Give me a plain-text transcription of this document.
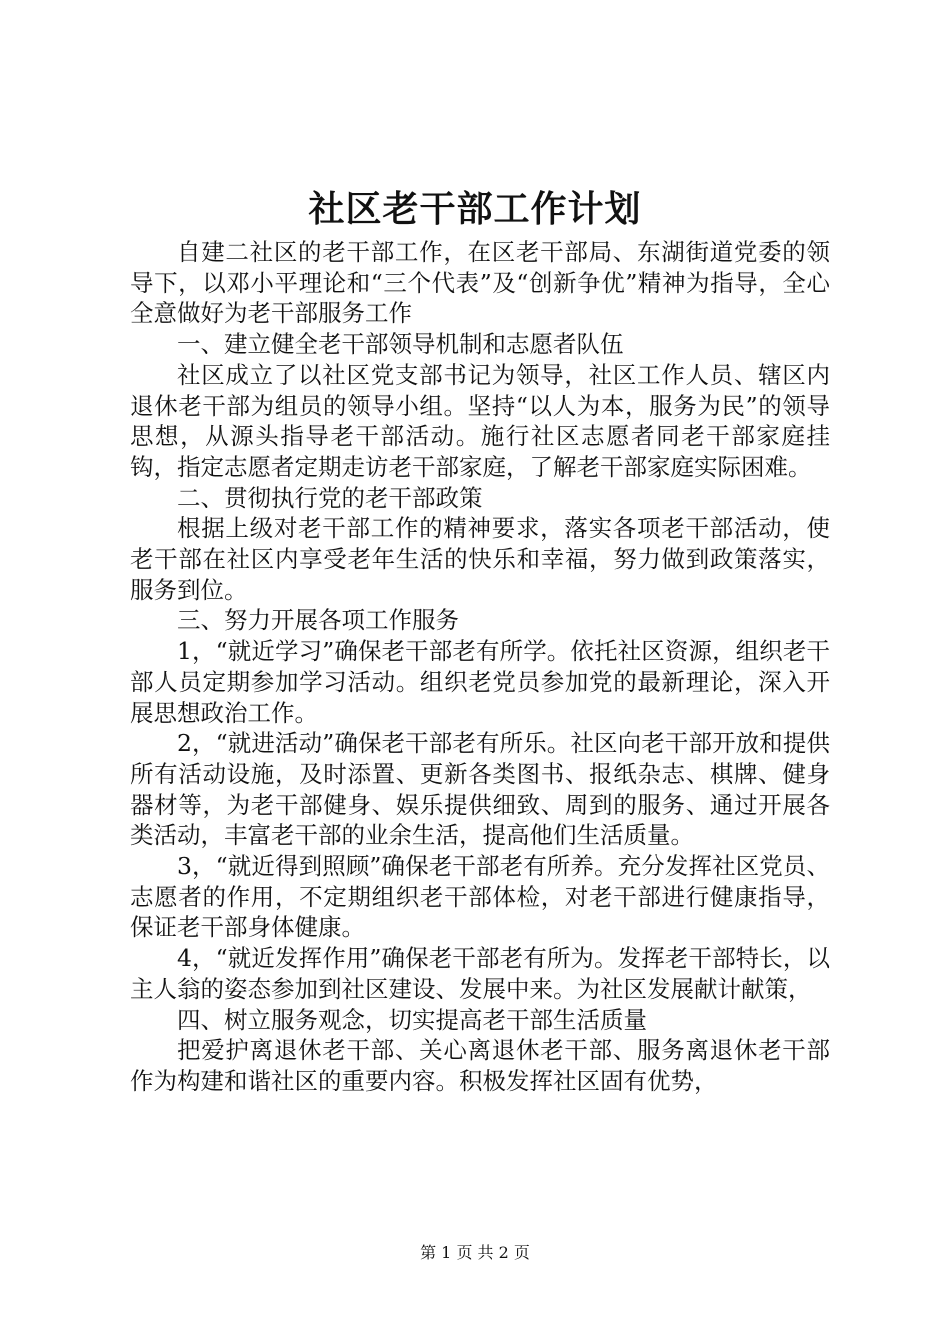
社区老干部工作计划

自建二社区的老干部工作，在区老干部局、东湖街道党委的领导下，以邓小平理论和“三个代表”及“创新争优”精神为指导，全心全意做好为老干部服务工作

一、建立健全老干部领导机制和志愿者队伍

社区成立了以社区党支部书记为领导，社区工作人员、辖区内退休老干部为组员的领导小组。坚持“以人为本，服务为民”的领导思想，从源头指导老干部活动。施行社区志愿者同老干部家庭挂钩，指定志愿者定期走访老干部家庭，了解老干部家庭实际困难。

二、贯彻执行党的老干部政策

根据上级对老干部工作的精神要求，落实各项老干部活动，使老干部在社区内享受老年生活的快乐和幸福，努力做到政策落实，服务到位。

三、努力开展各项工作服务

1，“就近学习”确保老干部老有所学。依托社区资源，组织老干部人员定期参加学习活动。组织老党员参加党的最新理论，深入开展思想政治工作。

2，“就进活动”确保老干部老有所乐。社区向老干部开放和提供所有活动设施，及时添置、更新各类图书、报纸杂志、棋牌、健身器材等，为老干部健身、娱乐提供细致、周到的服务、通过开展各类活动，丰富老干部的业余生活，提高他们生活质量。

3，“就近得到照顾”确保老干部老有所养。充分发挥社区党员、志愿者的作用，不定期组织老干部体检，对老干部进行健康指导，保证老干部身体健康。

4，“就近发挥作用”确保老干部老有所为。发挥老干部特长，以主人翁的姿态参加到社区建设、发展中来。为社区发展献计献策，

四、树立服务观念，切实提高老干部生活质量

把爱护离退休老干部、关心离退休老干部、服务离退休老干部作为构建和谐社区的重要内容。积极发挥社区固有优势，

第 1 页 共 2 页
